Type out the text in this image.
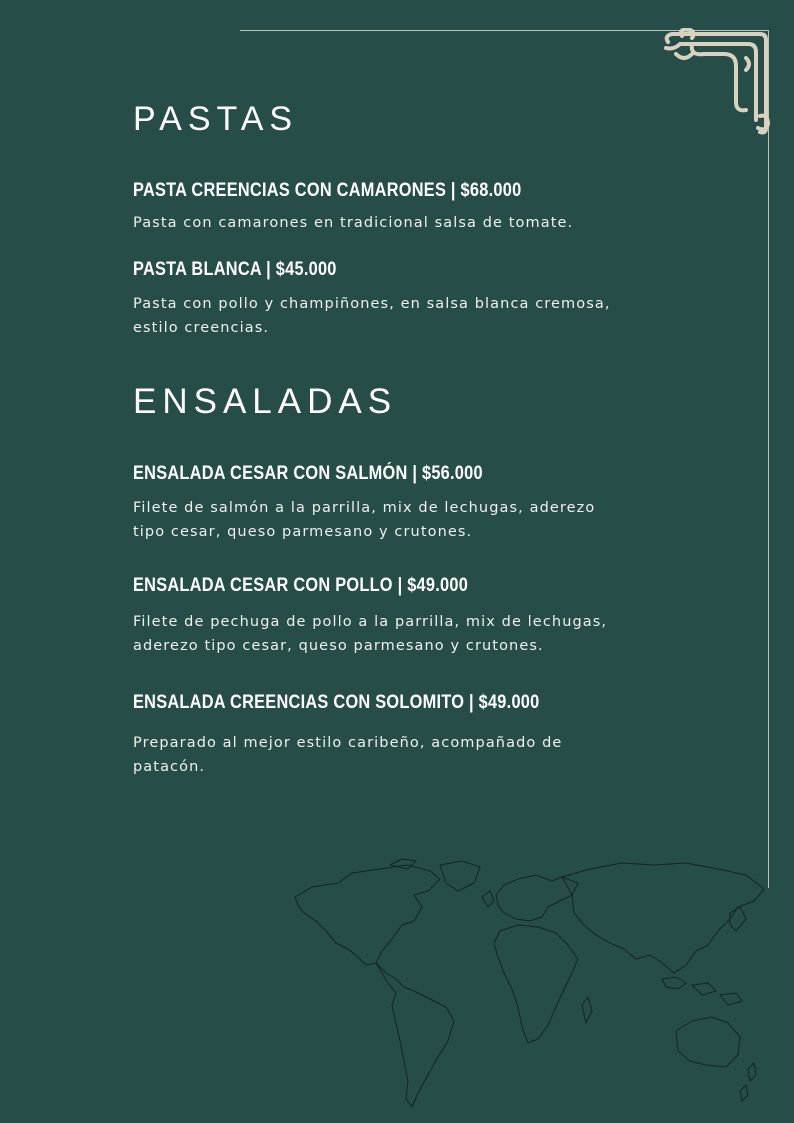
PASTAS
PASTA CREENCIAS CON CAMARONES | $68.000

Pasta con camarones en tradicional salsa de tomate.

PASTA BLANCA | $45.000

Pasta con pollo y champiñones, en salsa blanca cremosa, estilo creencias.

ENSALADAS
ENSALADA CESAR CON SALMÓN | $56.000

Filete de salmón a la parrilla, mix de lechugas, aderezo tipo cesar, queso parmesano y crutones.

ENSALADA CESAR CON POLLO | $49.000

Filete de pechuga de pollo a la parrilla, mix de lechugas, aderezo tipo cesar, queso parmesano y crutones.

ENSALADA CREENCIAS CON SOLOMITO | $49.000

Preparado al mejor estilo caribeño, acompañado de patacón.
